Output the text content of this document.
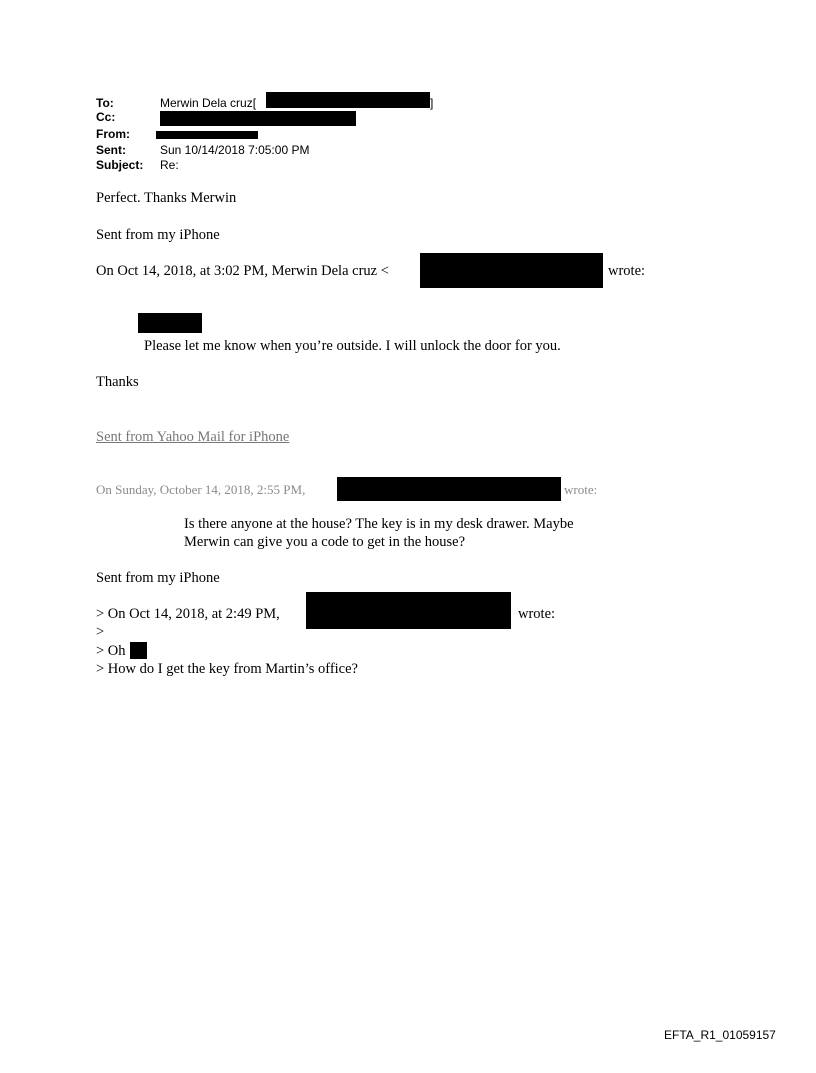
To:	Merwin Dela cruz[	]
Cc:
From:
Sent:	Sun 10/14/2018 7:05:00 PM
Subject: Re:
Perfect. Thanks Merwin
Sent from my iPhone
On Oct 14, 2018, at 3:02 PM, Merwin Dela cruz <	wrote:
Please let me know when you’re outside. I will unlock the door for you.
Thanks
Sent from Yahoo Mail for iPhone
On Sunday, October 14, 2018, 2:55 PM,	wrote:
Is there anyone at the house? The key is in my desk drawer. Maybe
Merwin can give you a code to get in the house?
Sent from my iPhone
> On Oct 14, 2018, at 2:49 PM,	wrote:
>
> Oh
> How do I get the key from Martin’s office?
EFTA_R1_01059157
